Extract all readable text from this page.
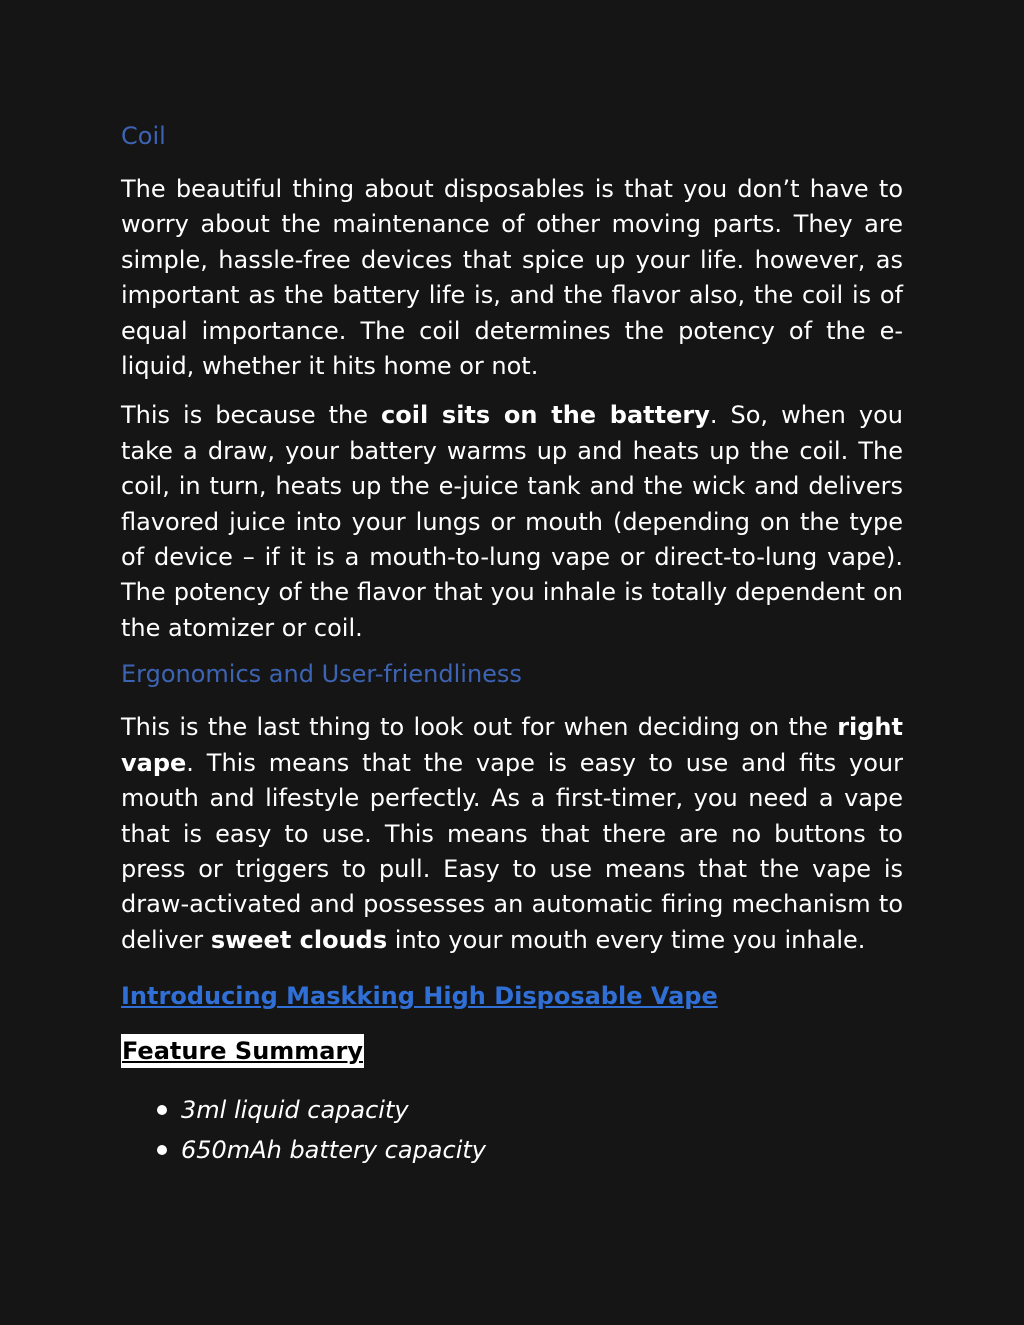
Coil

The beautiful thing about disposables is that you don’t have to worry about the maintenance of other moving parts. They are simple, hassle-free devices that spice up your life. however, as important as the battery life is, and the flavor also, the coil is of equal importance. The coil determines the potency of the e-liquid, whether it hits home or not.

This is because the coil sits on the battery. So, when you take a draw, your battery warms up and heats up the coil. The coil, in turn, heats up the e-juice tank and the wick and delivers flavored juice into your lungs or mouth (depending on the type of device – if it is a mouth-to-lung vape or direct-to-lung vape). The potency of the flavor that you inhale is totally dependent on the atomizer or coil.

Ergonomics and User-friendliness

This is the last thing to look out for when deciding on the right vape. This means that the vape is easy to use and fits your mouth and lifestyle perfectly. As a first-timer, you need a vape that is easy to use. This means that there are no buttons to press or triggers to pull. Easy to use means that the vape is draw-activated and possesses an automatic firing mechanism to deliver sweet clouds into your mouth every time you inhale.

Introducing Maskking High Disposable Vape

Feature Summary

3ml liquid capacity
650mAh battery capacity
